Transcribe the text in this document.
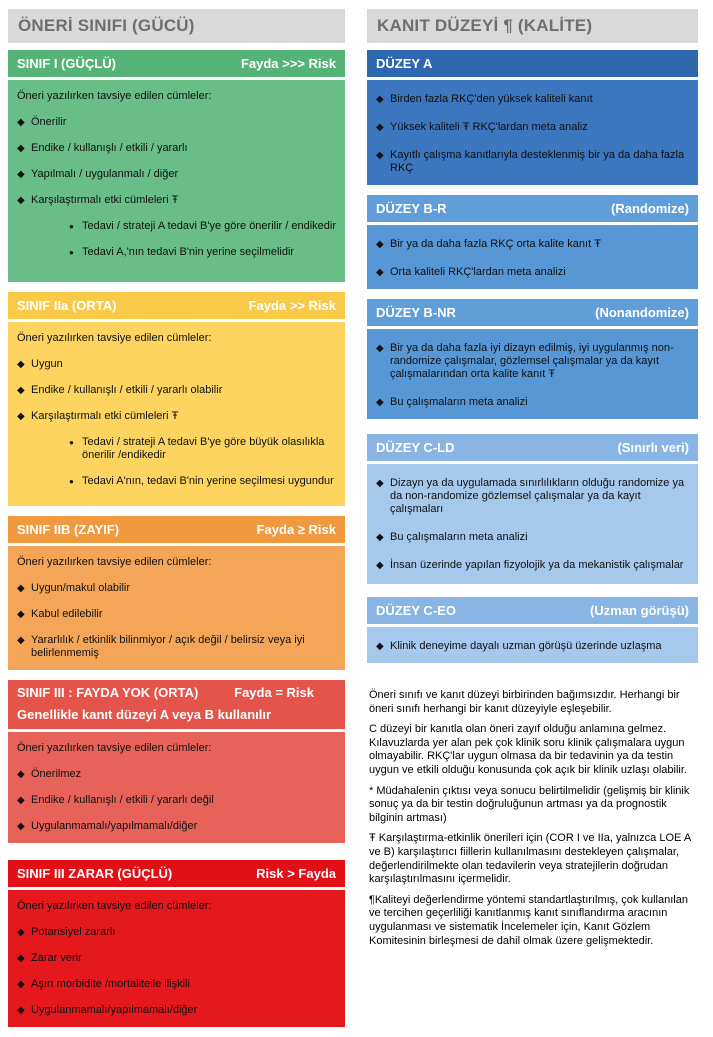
ÖNERİ SINIFI (GÜCÜ)
SINIF I (GÜÇLÜ)	Fayda >>> Risk

Öneri yazılırken tavsiye edilen cümleler:

◆ Önerilir
◆ Endike / kullanışlı / etkili / yararlı
◆ Yapılmalı / uygulanmalı / diğer
◆ Karşılaştırmalı etki cümleleri Ŧ
● Tedavi / strateji A tedavi B'ye göre önerilir / endikedir
● Tedavi A,'nın tedavi B'nin yerine seçilmelidir
SINIF IIa (ORTA)	Fayda >> Risk

Öneri yazılırken tavsiye edilen cümleler:

◆ Uygun
◆ Endike / kullanışlı / etkili / yararlı olabilir
◆ Karşılaştırmalı etki cümleleri Ŧ
● Tedavi / strateji A tedavi B'ye göre büyük olasılıkla önerilir /endikedir
● Tedavi A'nın, tedavi B'nin yerine seçilmesi uygundur
SINIF IIB (ZAYIF)	Fayda ≥ Risk

Öneri yazılırken tavsiye edilen cümleler:

◆ Uygun/makul olabilir
◆ Kabul edilebilir
◆ Yararlılık / etkinlik bilinmiyor / açık değil / belirsiz veya iyi belirlenmemiş
SINIF III : FAYDA YOK (ORTA)	Fayda = Risk
Genellikle kanıt düzeyi A veya B kullanılır

Öneri yazılırken tavsiye edilen cümleler:

◆ Önerilmez
◆ Endike / kullanışlı / etkili / yararlı değil
◆ Uygulanmamalı/yapılmamalı/diğer
SINIF III ZARAR (GÜÇLÜ)	Risk > Fayda

Öneri yazılırken tavsiye edilen cümleler:

◆ Potansiyel zararlı
◆ Zarar verir
◆ Aşırı morbidite /mortaliteile ilişkili
◆ Uygulanmamalı/yapılmamalı/diğer
KANIT DÜZEYİ ¶ (KALİTE)
DÜZEY A
◆ Birden fazla RKÇ'den yüksek kaliteli kanıt
◆ Yüksek kaliteli Ŧ RKÇ'lardan meta analiz
◆ Kayıtlı çalışma kanıtlarıyla desteklenmiş bir ya da daha fazla RKÇ
DÜZEY B-R	(Randomize)
◆ Bir ya da daha fazla RKÇ orta kalite kanıt Ŧ
◆ Orta kaliteli RKÇ'lardan meta analizi
DÜZEY B-NR	(Nonandomize)
◆ Bir ya da daha fazla iyi dizayn edilmiş, iyi uygulanmış non-randomize çalışmalar, gözlemsel çalışmalar ya da kayıt çalışmalarından orta kalite kanıt Ŧ
◆ Bu çalışmaların meta analizi
DÜZEY C-LD	(Sınırlı veri)
◆ Dizayn ya da uygulamada sınırlılıkların olduğu randomize ya da non-randomize gözlemsel çalışmalar ya da kayıt çalışmaları
◆ Bu çalışmaların meta analizi
◆ İnsan üzerinde yapılan fizyolojik ya da mekanistik çalışmalar
DÜZEY C-EO	(Uzman görüşü)
◆ Klinik deneyime dayalı uzman görüşü üzerinde uzlaşma

Öneri sınıfı ve kanıt düzeyi birbirinden bağımsızdır. Herhangi bir öneri sınıfı herhangi bir kanıt düzeyiyle eşleşebilir.

C düzeyi bir kanıtla olan öneri zayıf olduğu anlamına gelmez. Kılavuzlarda yer alan pek çok klinik soru klinik çalışmalara uygun olmayabilir. RKÇ'lar uygun olmasa da bir tedavinin ya da testin uygun ve etkili olduğu konusunda çok açık bir klinik uzlaşı olabilir.

* Müdahalenin çıktısı veya sonucu belirtilmelidir (gelişmiş bir klinik sonuç ya da bir testin doğruluğunun artması ya da prognostik bilginin artması)

Ŧ Karşılaştırma-etkinlik önerileri için (COR I ve IIa, yalnızca LOE A ve B) karşılaştırıcı fiillerin kullanılmasını destekleyen çalışmalar, değerlendirilmekte olan tedavilerin veya stratejilerin doğrudan karşılaştırılmasını içermelidir.

¶Kaliteyi değerlendirme yöntemi standartlaştırılmış, çok kullanılan ve tercihen geçerliliği kanıtlanmış kanıt sınıflandırma aracının uygulanması ve sistematik İncelemeler için, Kanıt Gözlem Komitesinin birleşmesi de dahil olmak üzere gelişmektedir.
